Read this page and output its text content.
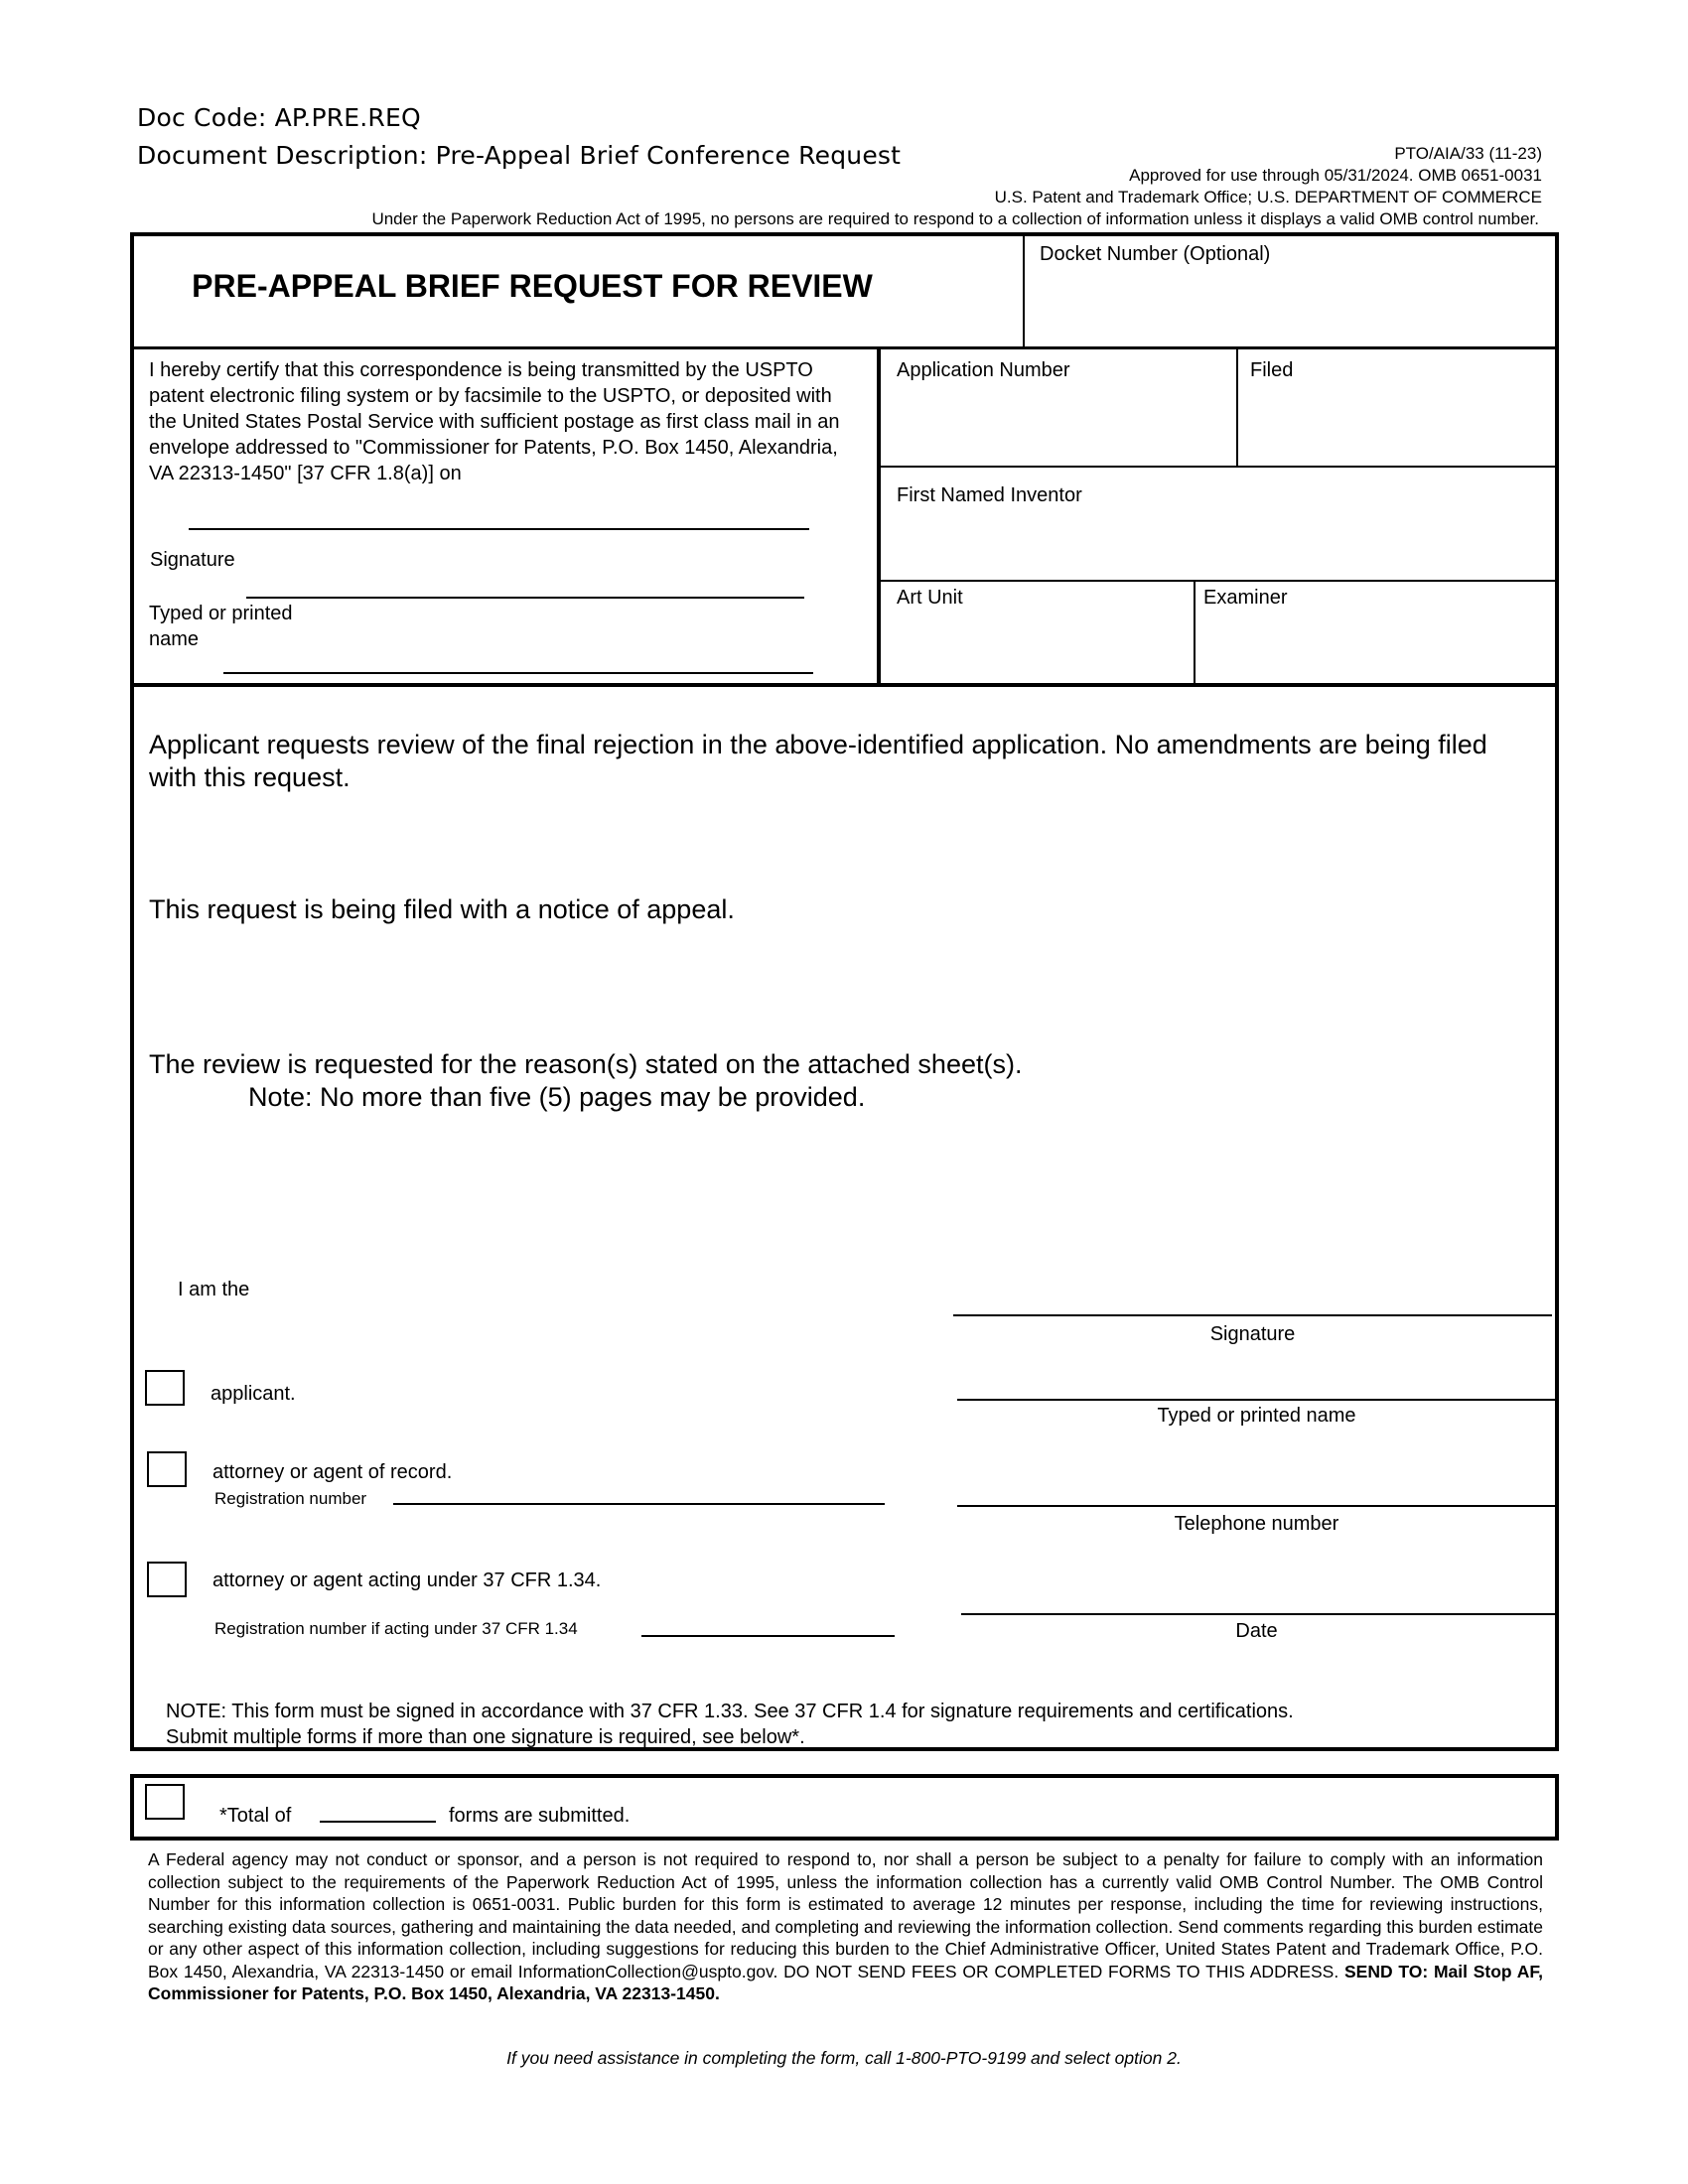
Doc Code: AP.PRE.REQ
Document Description: Pre-Appeal Brief Conference Request	PTO/AIA/33 (11-23)
Approved for use through 05/31/2024. OMB 0651-0031
U.S. Patent and Trademark Office; U.S. DEPARTMENT OF COMMERCE
Under the Paperwork Reduction Act of 1995, no persons are required to respond to a collection of information unless it displays a valid OMB control number.
PRE-APPEAL BRIEF REQUEST FOR REVIEW
Docket Number (Optional)
I hereby certify that this correspondence is being transmitted by the USPTO patent electronic filing system or by facsimile to the USPTO, or deposited with the United States Postal Service with sufficient postage as first class mail in an envelope addressed to "Commissioner for Patents, P.O. Box 1450, Alexandria, VA 22313-1450" [37 CFR 1.8(a)] on
Signature
Typed or printed name
Application Number	Filed
First Named Inventor
Art Unit	Examiner
Applicant requests review of the final rejection in the above-identified application. No amendments are being filed with this request.
This request is being filed with a notice of appeal.
The review is requested for the reason(s) stated on the attached sheet(s).
Note: No more than five (5) pages may be provided.
I am the
applicant.
attorney or agent of record.
Registration number
attorney or agent acting under 37 CFR 1.34.
Registration number if acting under 37 CFR 1.34
Signature
Typed or printed name
Telephone number
Date
NOTE: This form must be signed in accordance with 37 CFR 1.33. See 37 CFR 1.4 for signature requirements and certifications.
Submit multiple forms if more than one signature is required, see below*.
*Total of	forms are submitted.
A Federal agency may not conduct or sponsor, and a person is not required to respond to, nor shall a person be subject to a penalty for failure to comply with an information collection subject to the requirements of the Paperwork Reduction Act of 1995, unless the information collection has a currently valid OMB Control Number. The OMB Control Number for this information collection is 0651-0031. Public burden for this form is estimated to average 12 minutes per response, including the time for reviewing instructions, searching existing data sources, gathering and maintaining the data needed, and completing and reviewing the information collection. Send comments regarding this burden estimate or any other aspect of this information collection, including suggestions for reducing this burden to the Chief Administrative Officer, United States Patent and Trademark Office, P.O. Box 1450, Alexandria, VA 22313-1450 or email InformationCollection@uspto.gov. DO NOT SEND FEES OR COMPLETED FORMS TO THIS ADDRESS. SEND TO: Mail Stop AF, Commissioner for Patents, P.O. Box 1450, Alexandria, VA 22313-1450.
If you need assistance in completing the form, call 1-800-PTO-9199 and select option 2.
